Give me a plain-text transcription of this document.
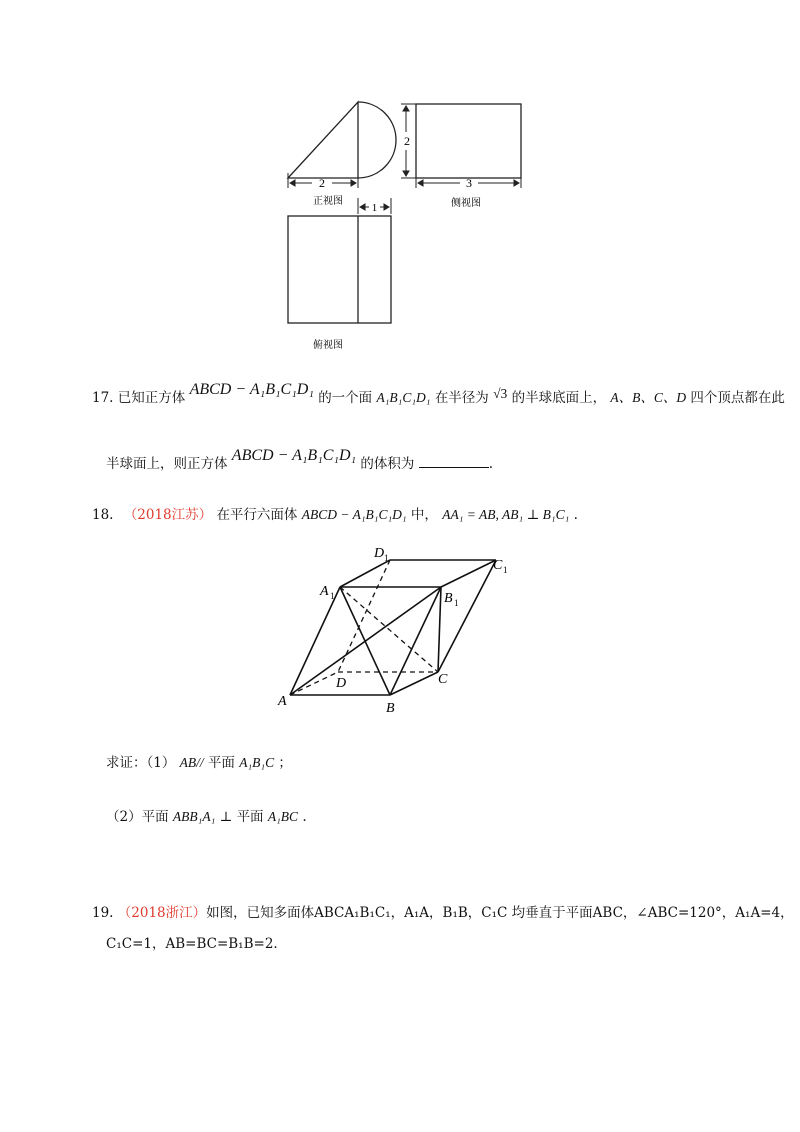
2
正视图
2
3
侧视图
1
俯视图
17. 已知正方体 ABCD − A₁B₁C₁D₁ 的一个面 A₁B₁C₁D₁ 在半径为 √3 的半球底面上， A、B、C、D 四个顶点都在此
半球面上，则正方体 ABCD − A₁B₁C₁D₁ 的体积为	.
18. （2018江苏） 在平行六面体 ABCD − A₁B₁C₁D₁ 中， AA₁ = AB, AB₁ ⊥ B₁C₁ .
A	B
C
D
A 1	B 1
C 1
D 1
求证：（1） AB// 平面 A₁B₁C ；
（2）平面 ABB₁A₁ ⊥ 平面 A₁BC .
19. （2018浙江）如图，已知多面体ABCA₁B₁C₁，A₁A，B₁B，C₁C 均垂直于平面ABC，∠ABC=120°，A₁A=4，
C₁C=1，AB=BC=B₁B=2.
